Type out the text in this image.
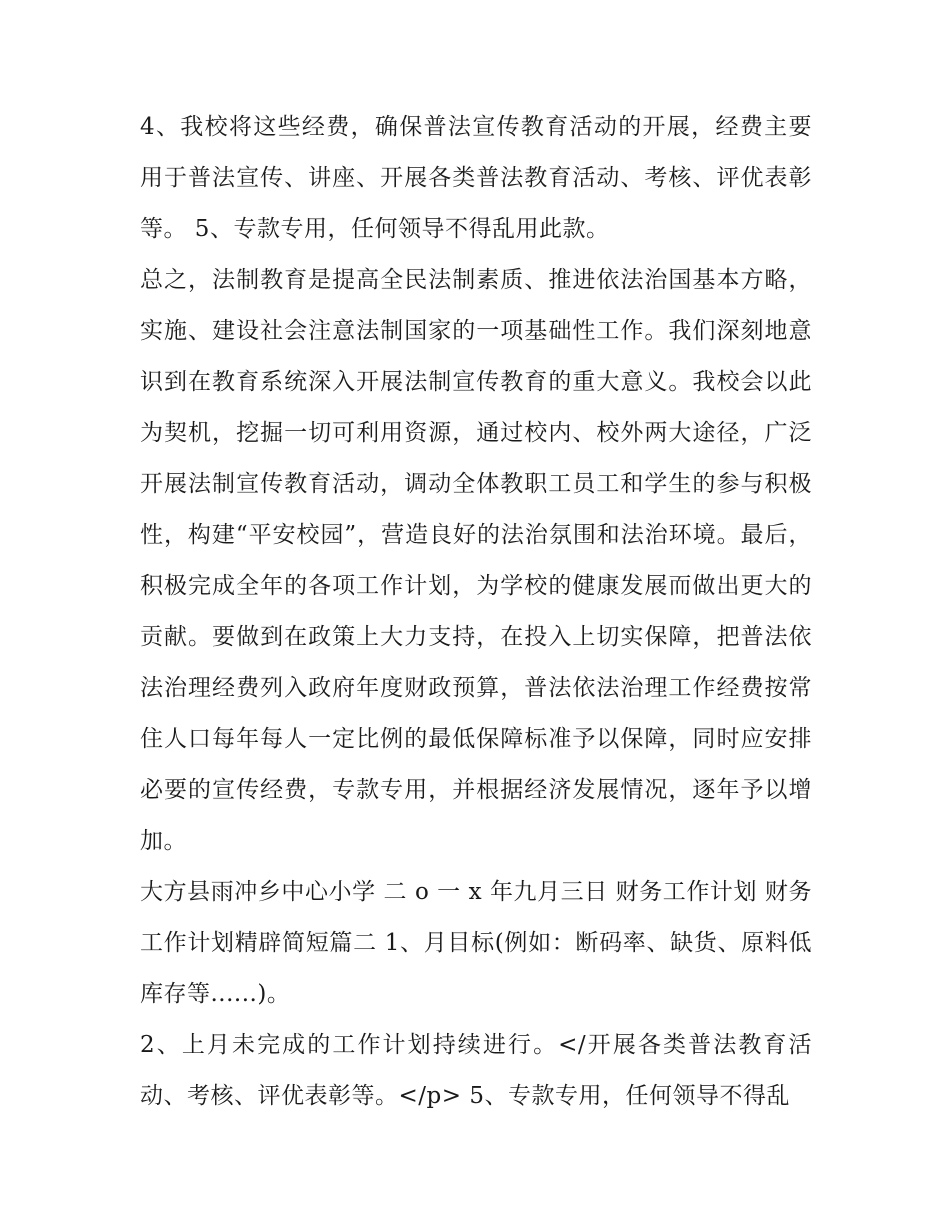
4、我校将这些经费，确保普法宣传教育活动的开展，经费主要用于普法宣传、讲座、开展各类普法教育活动、考核、评优表彰等。 5、专款专用，任何领导不得乱用此款。

总之，法制教育是提高全民法制素质、推进依法治国基本方略，实施、建设社会注意法制国家的一项基础性工作。我们深刻地意识到在教育系统深入开展法制宣传教育的重大意义。我校会以此为契机，挖掘一切可利用资源，通过校内、校外两大途径，广泛开展法制宣传教育活动，调动全体教职工员工和学生的参与积极性，构建“平安校园”，营造良好的法治氛围和法治环境。最后，积极完成全年的各项工作计划，为学校的健康发展而做出更大的贡献。要做到在政策上大力支持，在投入上切实保障，把普法依法治理经费列入政府年度财政预算，普法依法治理工作经费按常住人口每年每人一定比例的最低保障标准予以保障，同时应安排必要的宣传经费，专款专用，并根据经济发展情况，逐年予以增加。

大方县雨冲乡中心小学 二 o 一 x 年九月三日 财务工作计划 财务工作计划精辟简短篇二 1、月目标(例如：断码率、缺货、原料低库存等......)。

2、上月未完成的工作计划持续进行。</开展各类普法教育活动、考核、评优表彰等。</p> 5、专款专用，任何领导不得乱
